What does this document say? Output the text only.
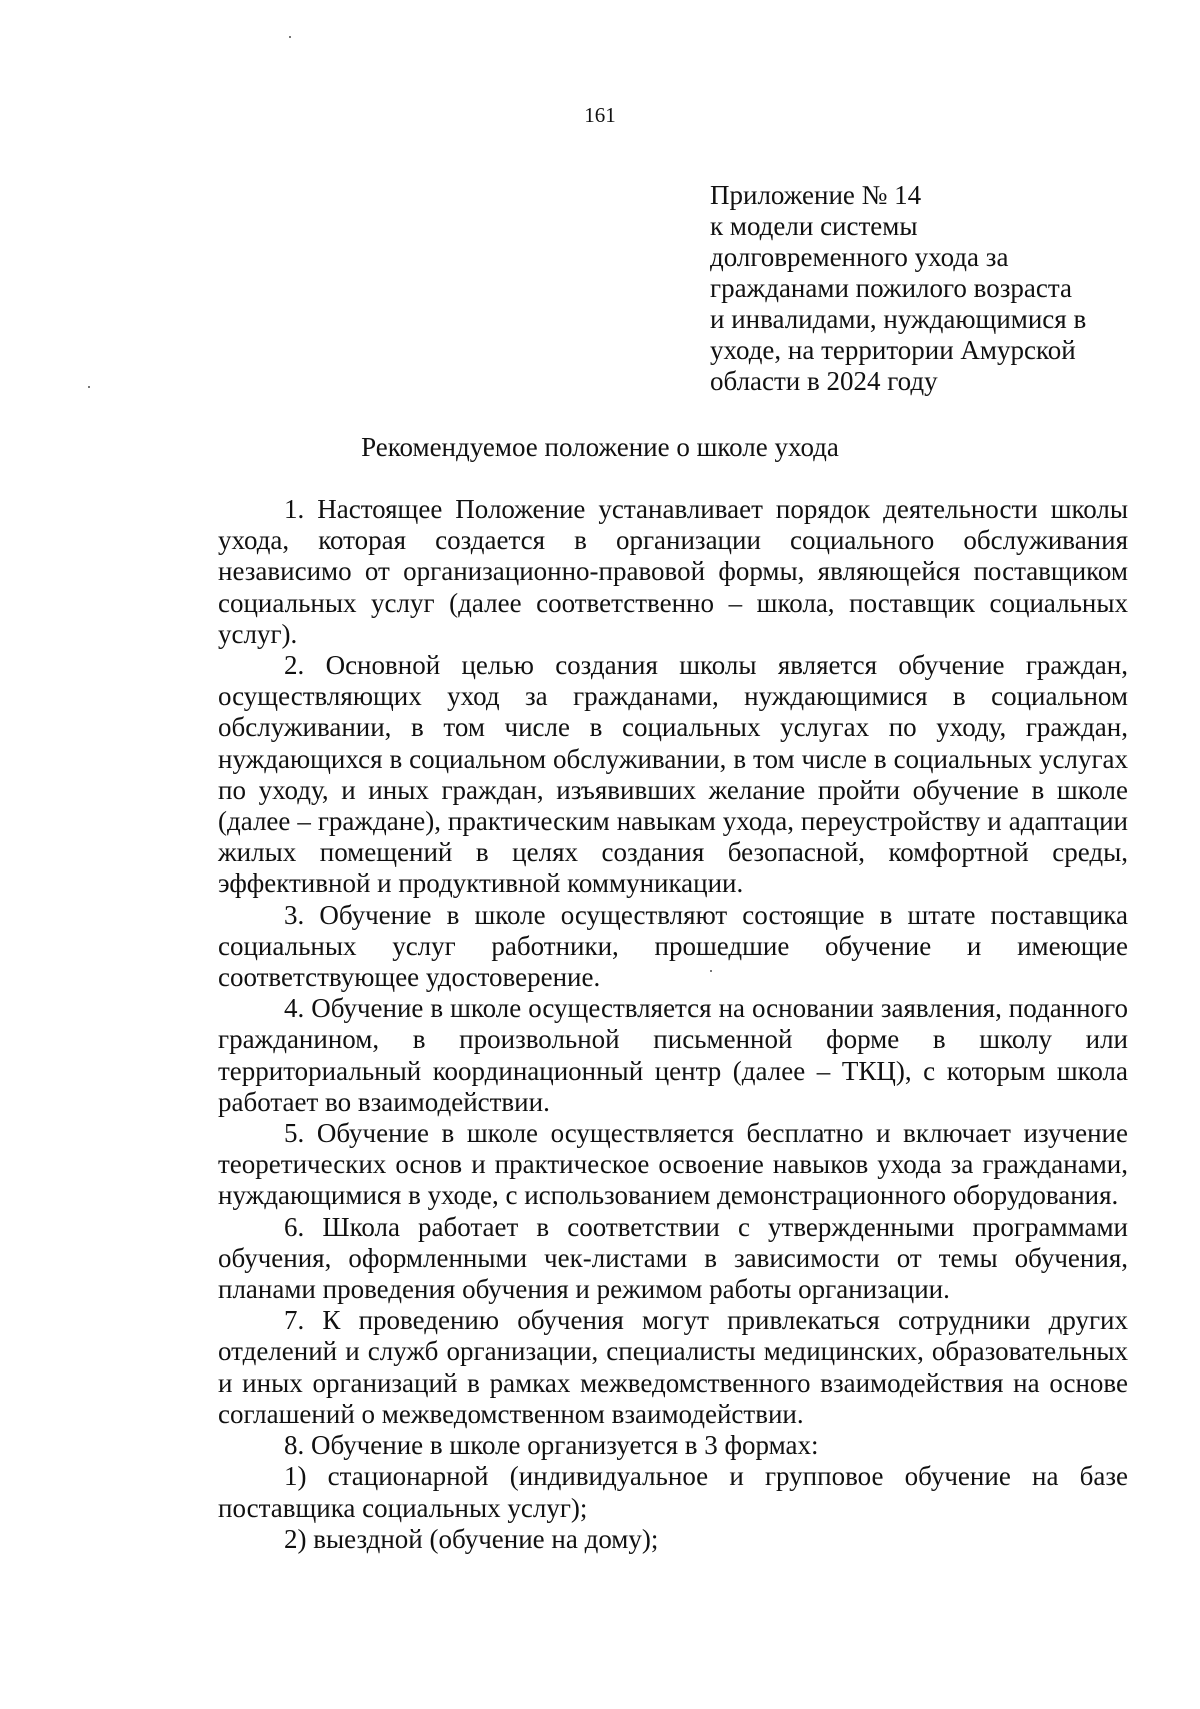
161
Приложение № 14
к модели системы
долговременного ухода за
гражданами пожилого возраста
и инвалидами, нуждающимися в
уходе, на территории Амурской
области в 2024 году
Рекомендуемое положение о школе ухода

1. Настоящее Положение устанавливает порядок деятельности школы ухода, которая создается в организации социального обслуживания независимо от организационно-правовой формы, являющейся поставщиком социальных услуг (далее соответственно – школа, поставщик социальных услуг).

2. Основной целью создания школы является обучение граждан, осуществляющих уход за гражданами, нуждающимися в социальном обслуживании, в том числе в социальных услугах по уходу, граждан, нуждающихся в социальном обслуживании, в том числе в социальных услугах по уходу, и иных граждан, изъявивших желание пройти обучение в школе (далее – граждане), практическим навыкам ухода, переустройству и адаптации жилых помещений в целях создания безопасной, комфортной среды, эффективной и продуктивной коммуникации.

3. Обучение в школе осуществляют состоящие в штате поставщика социальных услуг работники, прошедшие обучение и имеющие соответствующее удостоверение.

4. Обучение в школе осуществляется на основании заявления, поданного гражданином, в произвольной письменной форме в школу или территориальный координационный центр (далее – ТКЦ), с которым школа работает во взаимодействии.

5. Обучение в школе осуществляется бесплатно и включает изучение теоретических основ и практическое освоение навыков ухода за гражданами, нуждающимися в уходе, с использованием демонстрационного оборудования.

6. Школа работает в соответствии с утвержденными программами обучения, оформленными чек-листами в зависимости от темы обучения, планами проведения обучения и режимом работы организации.

7. К проведению обучения могут привлекаться сотрудники других отделений и служб организации, специалисты медицинских, образовательных и иных организаций в рамках межведомственного взаимодействия на основе соглашений о межведомственном взаимодействии.

8. Обучение в школе организуется в 3 формах:

1) стационарной (индивидуальное и групповое обучение на базе поставщика социальных услуг);

2) выездной (обучение на дому);
